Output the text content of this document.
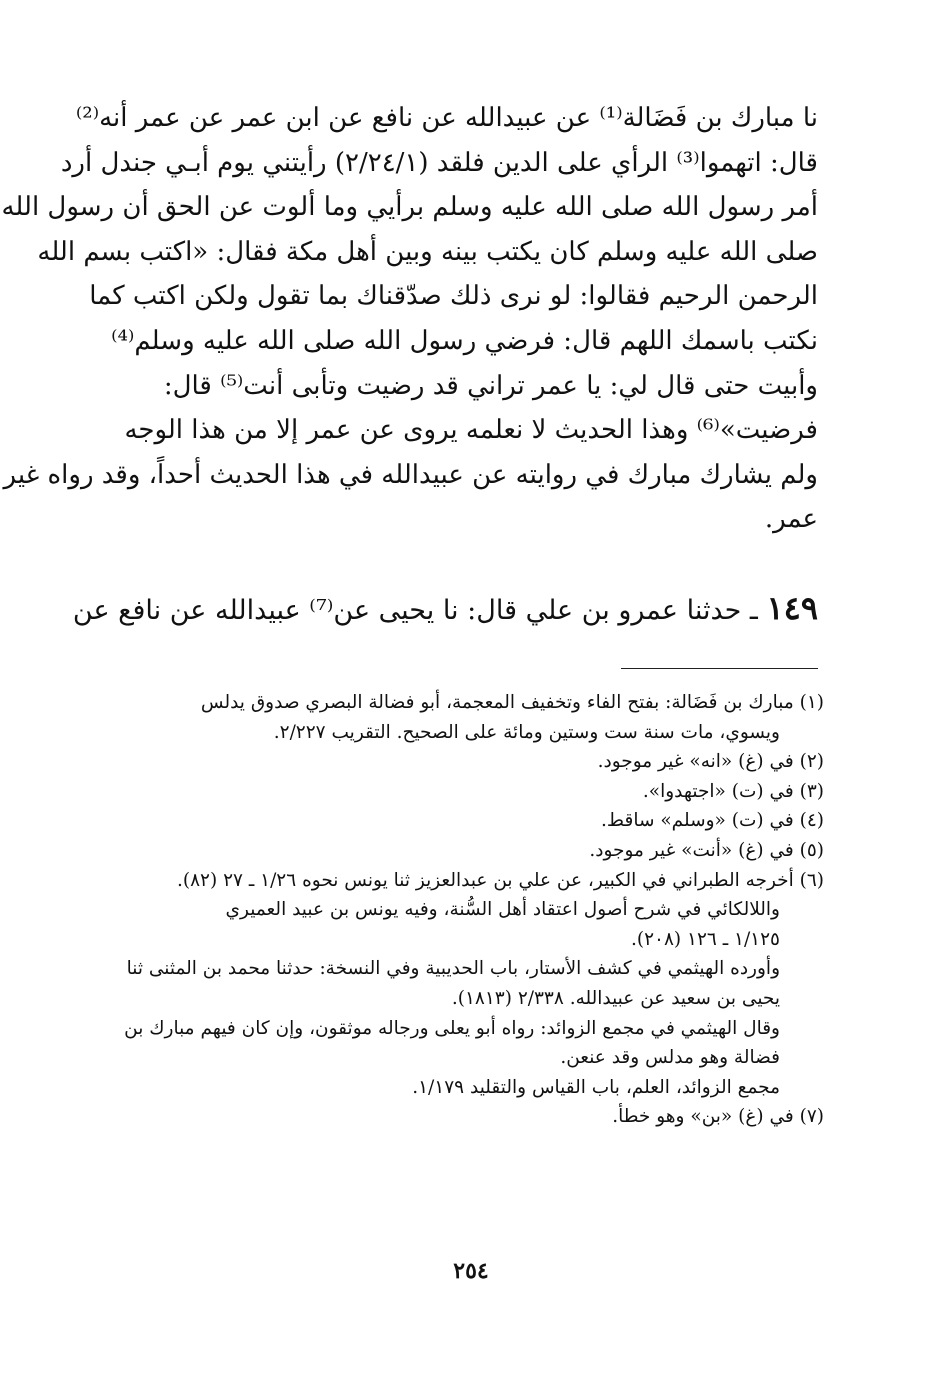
نا مبارك بن فَضَالة⁽¹⁾ عن عبيدالله عن نافع عن ابن عمر عن عمر أنه⁽²⁾
قال: اتهموا⁽³⁾ الرأي على الدين فلقد (٢/٢٤/١) رأيتني يوم أبـي جندل أرد
أمر رسول الله صلى الله عليه وسلم برأيي وما ألوت عن الحق أن رسول الله
صلى الله عليه وسلم كان يكتب بينه وبين أهل مكة فقال: «اكتب بسم الله
الرحمن الرحيم فقالوا: لو نرى ذلك صدّقناك بما تقول ولكن اكتب كما
نكتب باسمك اللهم قال: فرضي رسول الله صلى الله عليه وسلم⁽⁴⁾
وأبيت حتى قال لي: يا عمر تراني قد رضيت وتأبى أنت⁽⁵⁾ قال:
فرضيت»⁽⁶⁾ وهذا الحديث لا نعلمه يروى عن عمر إلا من هذا الوجه
ولم يشارك مبارك في روايته عن عبيدالله في هذا الحديث أحداً، وقد رواه غير
عمر.
١٤٩ ـ حدثنا عمرو بن علي قال: نا يحيى عن⁽⁷⁾ عبيدالله عن نافع عن
(١) مبارك بن فَضَالة: بفتح الفاء وتخفيف المعجمة، أبو فضالة البصري صدوق يدلس
ويسوي، مات سنة ست وستين ومائة على الصحيح. التقريب ٢/٢٢٧.
(٢) في (غ) «انه» غير موجود.
(٣) في (ت) «اجتهدوا».
(٤) في (ت) «وسلم» ساقط.
(٥) في (غ) «أنت» غير موجود.
(٦) أخرجه الطبراني في الكبير، عن علي بن عبدالعزيز ثنا يونس نحوه ١/٢٦ ـ ٢٧ (٨٢).
واللالكائي في شرح أصول اعتقاد أهل السُّنة، وفيه يونس بن عبيد العميري
١/١٢٥ ـ ١٢٦ (٢٠٨).
وأورده الهيثمي في كشف الأستار، باب الحديبية وفي النسخة: حدثنا محمد بن المثنى ثنا
يحيى بن سعيد عن عبيدالله. ٢/٣٣٨ (١٨١٣).
وقال الهيثمي في مجمع الزوائد: رواه أبو يعلى ورجاله موثقون، وإن كان فيهم مبارك بن
فضالة وهو مدلس وقد عنعن.
مجمع الزوائد، العلم، باب القياس والتقليد ١/١٧٩.
(٧) في (غ) «بن» وهو خطأ.
٢٥٤
